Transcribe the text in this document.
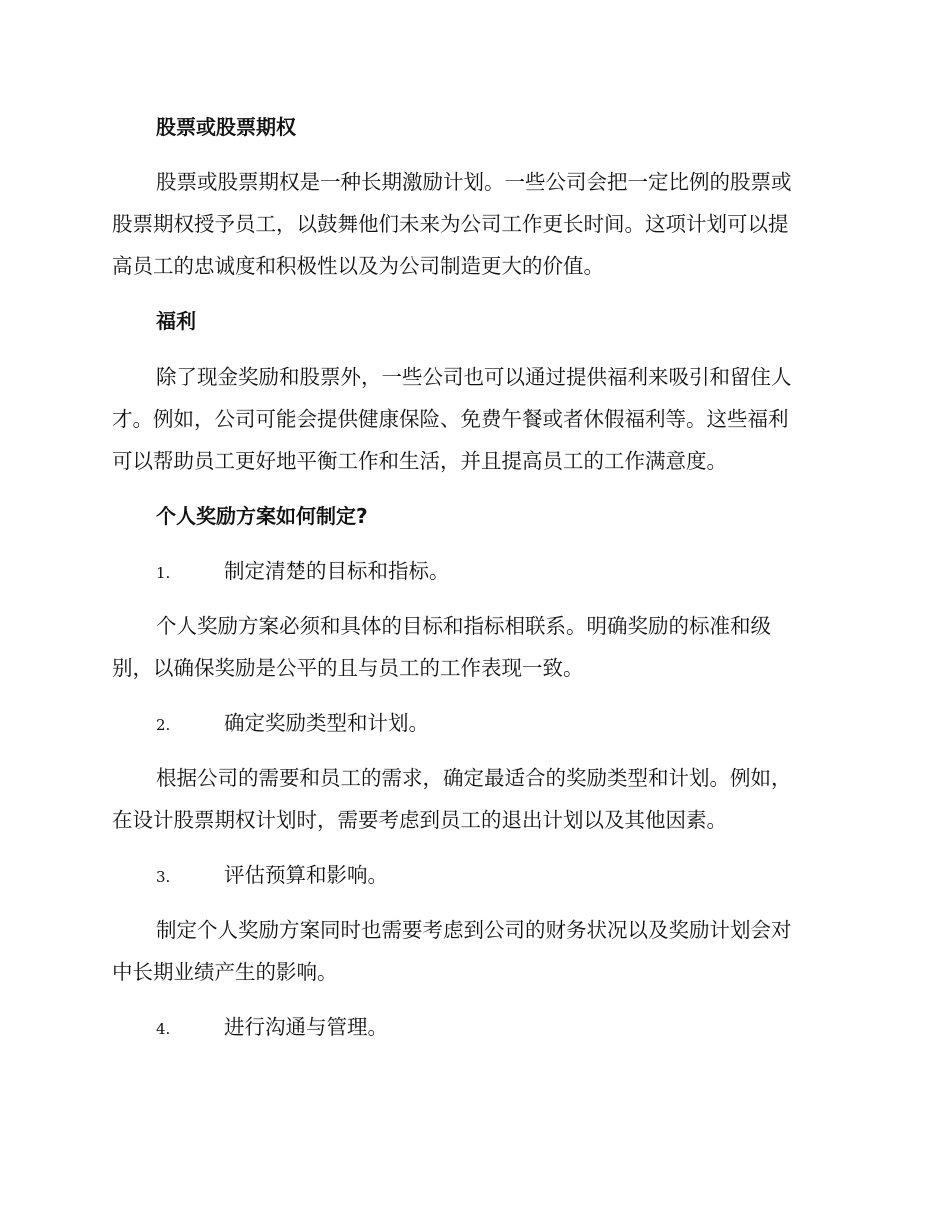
股票或股票期权
股票或股票期权是一种长期激励计划。一些公司会把一定比例的股票或
股票期权授予员工，以鼓舞他们未来为公司工作更长时间。这项计划可以提
高员工的忠诚度和积极性以及为公司制造更大的价值。
福利
除了现金奖励和股票外，一些公司也可以通过提供福利来吸引和留住人
才。例如，公司可能会提供健康保险、免费午餐或者休假福利等。这些福利
可以帮助员工更好地平衡工作和生活，并且提高员工的工作满意度。
个人奖励方案如何制定?
1.	制定清楚的目标和指标。
个人奖励方案必须和具体的目标和指标相联系。明确奖励的标准和级
别，以确保奖励是公平的且与员工的工作表现一致。
2.	确定奖励类型和计划。
根据公司的需要和员工的需求，确定最适合的奖励类型和计划。例如，
在设计股票期权计划时，需要考虑到员工的退出计划以及其他因素。
3.	评估预算和影响。
制定个人奖励方案同时也需要考虑到公司的财务状况以及奖励计划会对
中长期业绩产生的影响。
4.	进行沟通与管理。
